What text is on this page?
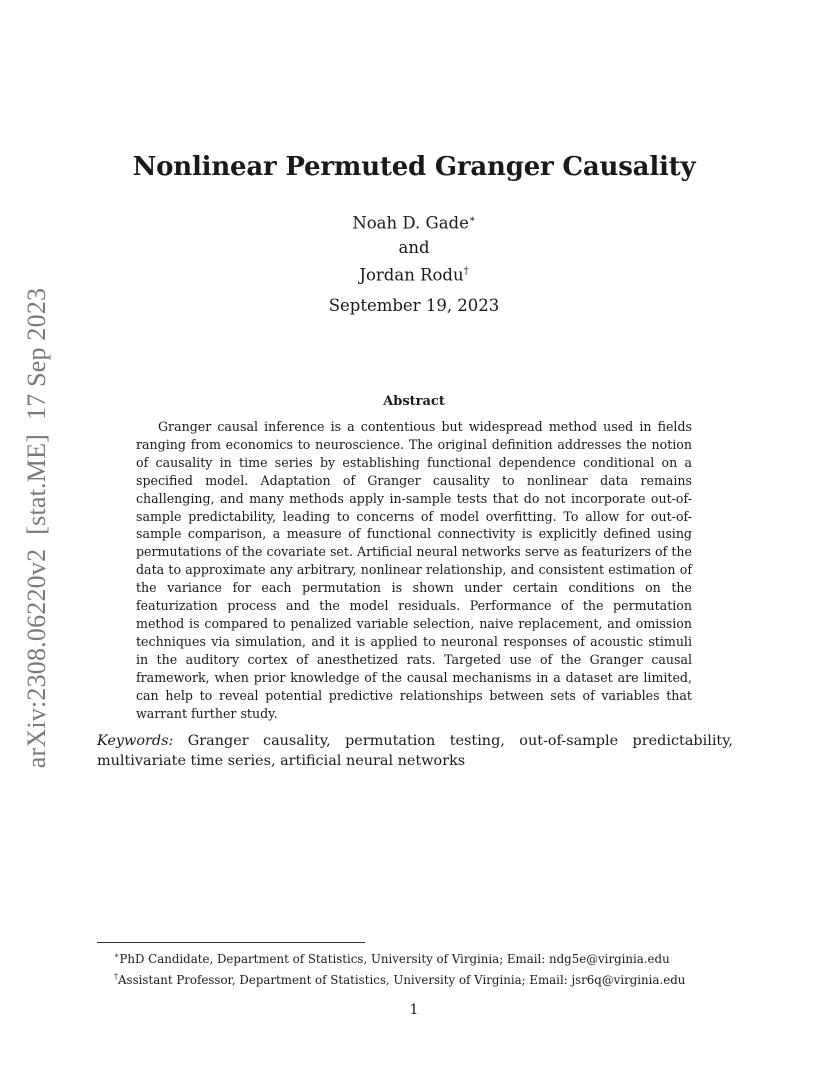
arXiv:2308.06220v2[stat.ME]17 Sep 2023
Nonlinear Permuted Granger Causality
Noah D. Gade∗
and
Jordan Rodu†
September 19, 2023
Abstract
Granger causal inference is a contentious but widespread method used in fields ranging from economics to neuroscience. The original definition addresses the notion of causality in time series by establishing functional dependence conditional on a specified model. Adaptation of Granger causality to nonlinear data remains challenging, and many methods apply in-sample tests that do not incorporate out-of-sample predictability, leading to concerns of model overfitting. To allow for out-of-sample comparison, a measure of functional connectivity is explicitly defined using permutations of the covariate set. Artificial neural networks serve as featurizers of the data to approximate any arbitrary, nonlinear relationship, and consistent estimation of the variance for each permutation is shown under certain conditions on the featurization process and the model residuals. Performance of the permutation method is compared to penalized variable selection, naive replacement, and omission techniques via simulation, and it is applied to neuronal responses of acoustic stimuli in the auditory cortex of anesthetized rats. Targeted use of the Granger causal framework, when prior knowledge of the causal mechanisms in a dataset are limited, can help to reveal potential predictive relationships between sets of variables that warrant further study.
Keywords: Granger causality, permutation testing, out-of-sample predictability, multivariate time series, artificial neural networks
∗PhD Candidate, Department of Statistics, University of Virginia; Email: ndg5e@virginia.edu
†Assistant Professor, Department of Statistics, University of Virginia; Email: jsr6q@virginia.edu
1
